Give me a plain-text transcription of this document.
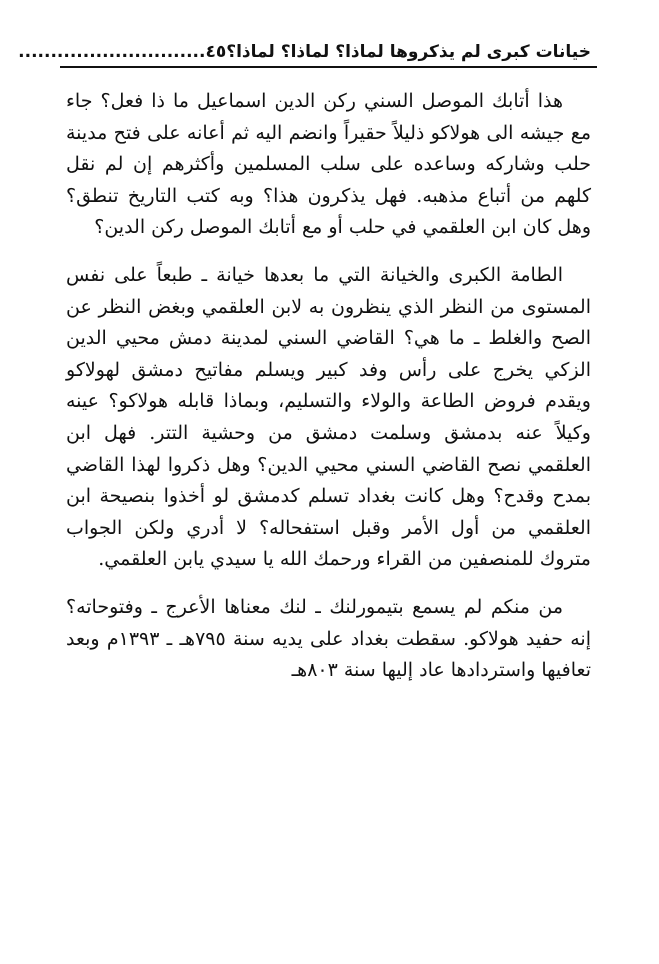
خيانات كبرى لم يذكروها لماذا؟ لماذا؟ لماذا؟
٤٥.............................

هذا أتابك الموصل السني ركن الدين اسماعيل ما ذا فعل؟ جاء مع جيشه الى هولاكو ذليلاً حقيراً وانضم اليه ثم أعانه على فتح مدينة حلب وشاركه وساعده على سلب المسلمين وأكثرهم إن لم نقل كلهم من أتباع مذهبه. فهل يذكرون هذا؟ وبه كتب التاريخ تنطق؟ وهل كان ابن العلقمي في حلب أو مع أتابك الموصل ركن الدين؟

الطامة الكبرى والخيانة التي ما بعدها خيانة ـ طبعاً على نفس المستوى من النظر الذي ينظرون به لابن العلقمي وبغض النظر عن الصح والغلط ـ ما هي؟ القاضي السني لمدينة دمش محيي الدين الزكي يخرج على رأس وفد كبير ويسلم مفاتيح دمشق لهولاكو ويقدم فروض الطاعة والولاء والتسليم، وبماذا قابله هولاكو؟ عينه وكيلاً عنه بدمشق وسلمت دمشق من وحشية التتر. فهل ابن العلقمي نصح القاضي السني محيي الدين؟ وهل ذكروا لهذا القاضي بمدح وقدح؟ وهل كانت بغداد تسلم كدمشق لو أخذوا بنصيحة ابن العلقمي من أول الأمر وقبل استفحاله؟ لا أدري ولكن الجواب متروك للمنصفين من القراء ورحمك الله يا سيدي يابن العلقمي.

من منكم لم يسمع بتيمورلنك ـ لنك معناها الأعرج ـ وفتوحاته؟ إنه حفيد هولاكو. سقطت بغداد على يديه سنة ٧٩٥هـ ـ ١٣٩٣م وبعد تعافيها واستردادها عاد إليها سنة ٨٠٣هـ
